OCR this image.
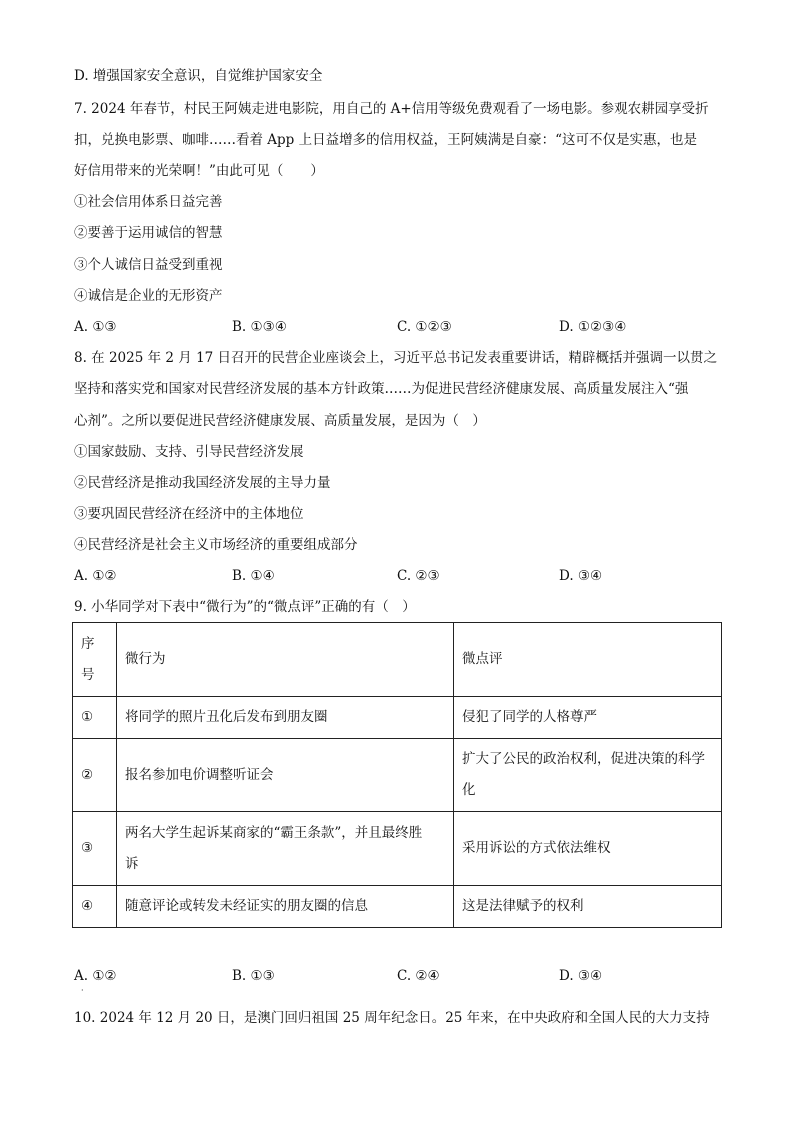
D. 增强国家安全意识，自觉维护国家安全
7. 2024 年春节，村民王阿姨走进电影院，用自己的 A+信用等级免费观看了一场电影。参观农耕园享受折
扣，兑换电影票、咖啡……看着 App 上日益增多的信用权益，王阿姨满是自豪：“这可不仅是实惠，也是
好信用带来的光荣啊！”由此可见（　　）
①社会信用体系日益完善
②要善于运用诚信的智慧
③个人诚信日益受到重视
④诚信是企业的无形资产
A. ①③	B. ①③④	C. ①②③	D. ①②③④
8. 在 2025 年 2 月 17 日召开的民营企业座谈会上，习近平总书记发表重要讲话，精辟概括并强调一以贯之
坚持和落实党和国家对民营经济发展的基本方针政策……为促进民营经济健康发展、高质量发展注入“强
心剂”。之所以要促进民营经济健康发展、高质量发展，是因为（　）
①国家鼓励、支持、引导民营经济发展
②民营经济是推动我国经济发展的主导力量
③要巩固民营经济在经济中的主体地位
④民营经济是社会主义市场经济的重要组成部分
A. ①②	B. ①④	C. ②③	D. ③④
9. 小华同学对下表中“微行为”的“微点评”正确的有（　）
序
号	微行为	微点评
①	将同学的照片丑化后发布到朋友圈	侵犯了同学的人格尊严
②	报名参加电价调整听证会	扩大了公民的政治权利，促进决策的科学
化
③	两名大学生起诉某商家的“霸王条款”，并且最终胜
诉	采用诉讼的方式依法维权
④	随意评论或转发未经证实的朋友圈的信息	这是法律赋予的权利
A. ①②	B. ①③	C. ②④	D. ③④
·
10. 2024 年 12 月 20 日，是澳门回归祖国 25 周年纪念日。25 年来，在中央政府和全国人民的大力支持
